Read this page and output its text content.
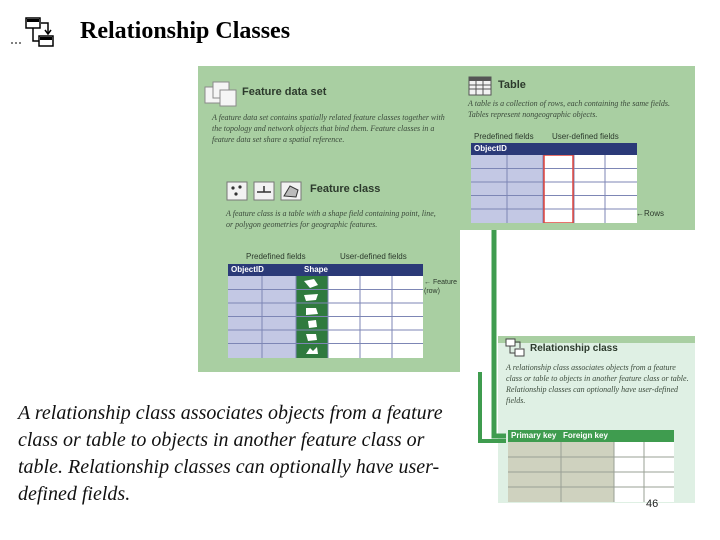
Relationship Classes
Feature data set
A feature data set contains spatially related feature classes together with the topology and network objects that bind them. Feature classes in a feature data set share a spatial reference.
Feature class
A feature class is a table with a shape field containing point, line, or polygon geometries for geographic features.
Predefined fields	User-defined fields
ObjectID	Shape
← Feature (row)
Table
A table is a collection of rows, each containing the same fields. Tables represent nongeographic objects.
Predefined fields User-defined fields
ObjectID
←Rows
Relationship class
A relationship class associates objects from a feature class or table to objects in another feature class or table. Relationship classes can optionally have user-defined fields.
Primary key Foreign key
A relationship class associates objects from a feature class or table to objects in another feature class or table. Relationship classes can optionally have user-defined fields.	46
